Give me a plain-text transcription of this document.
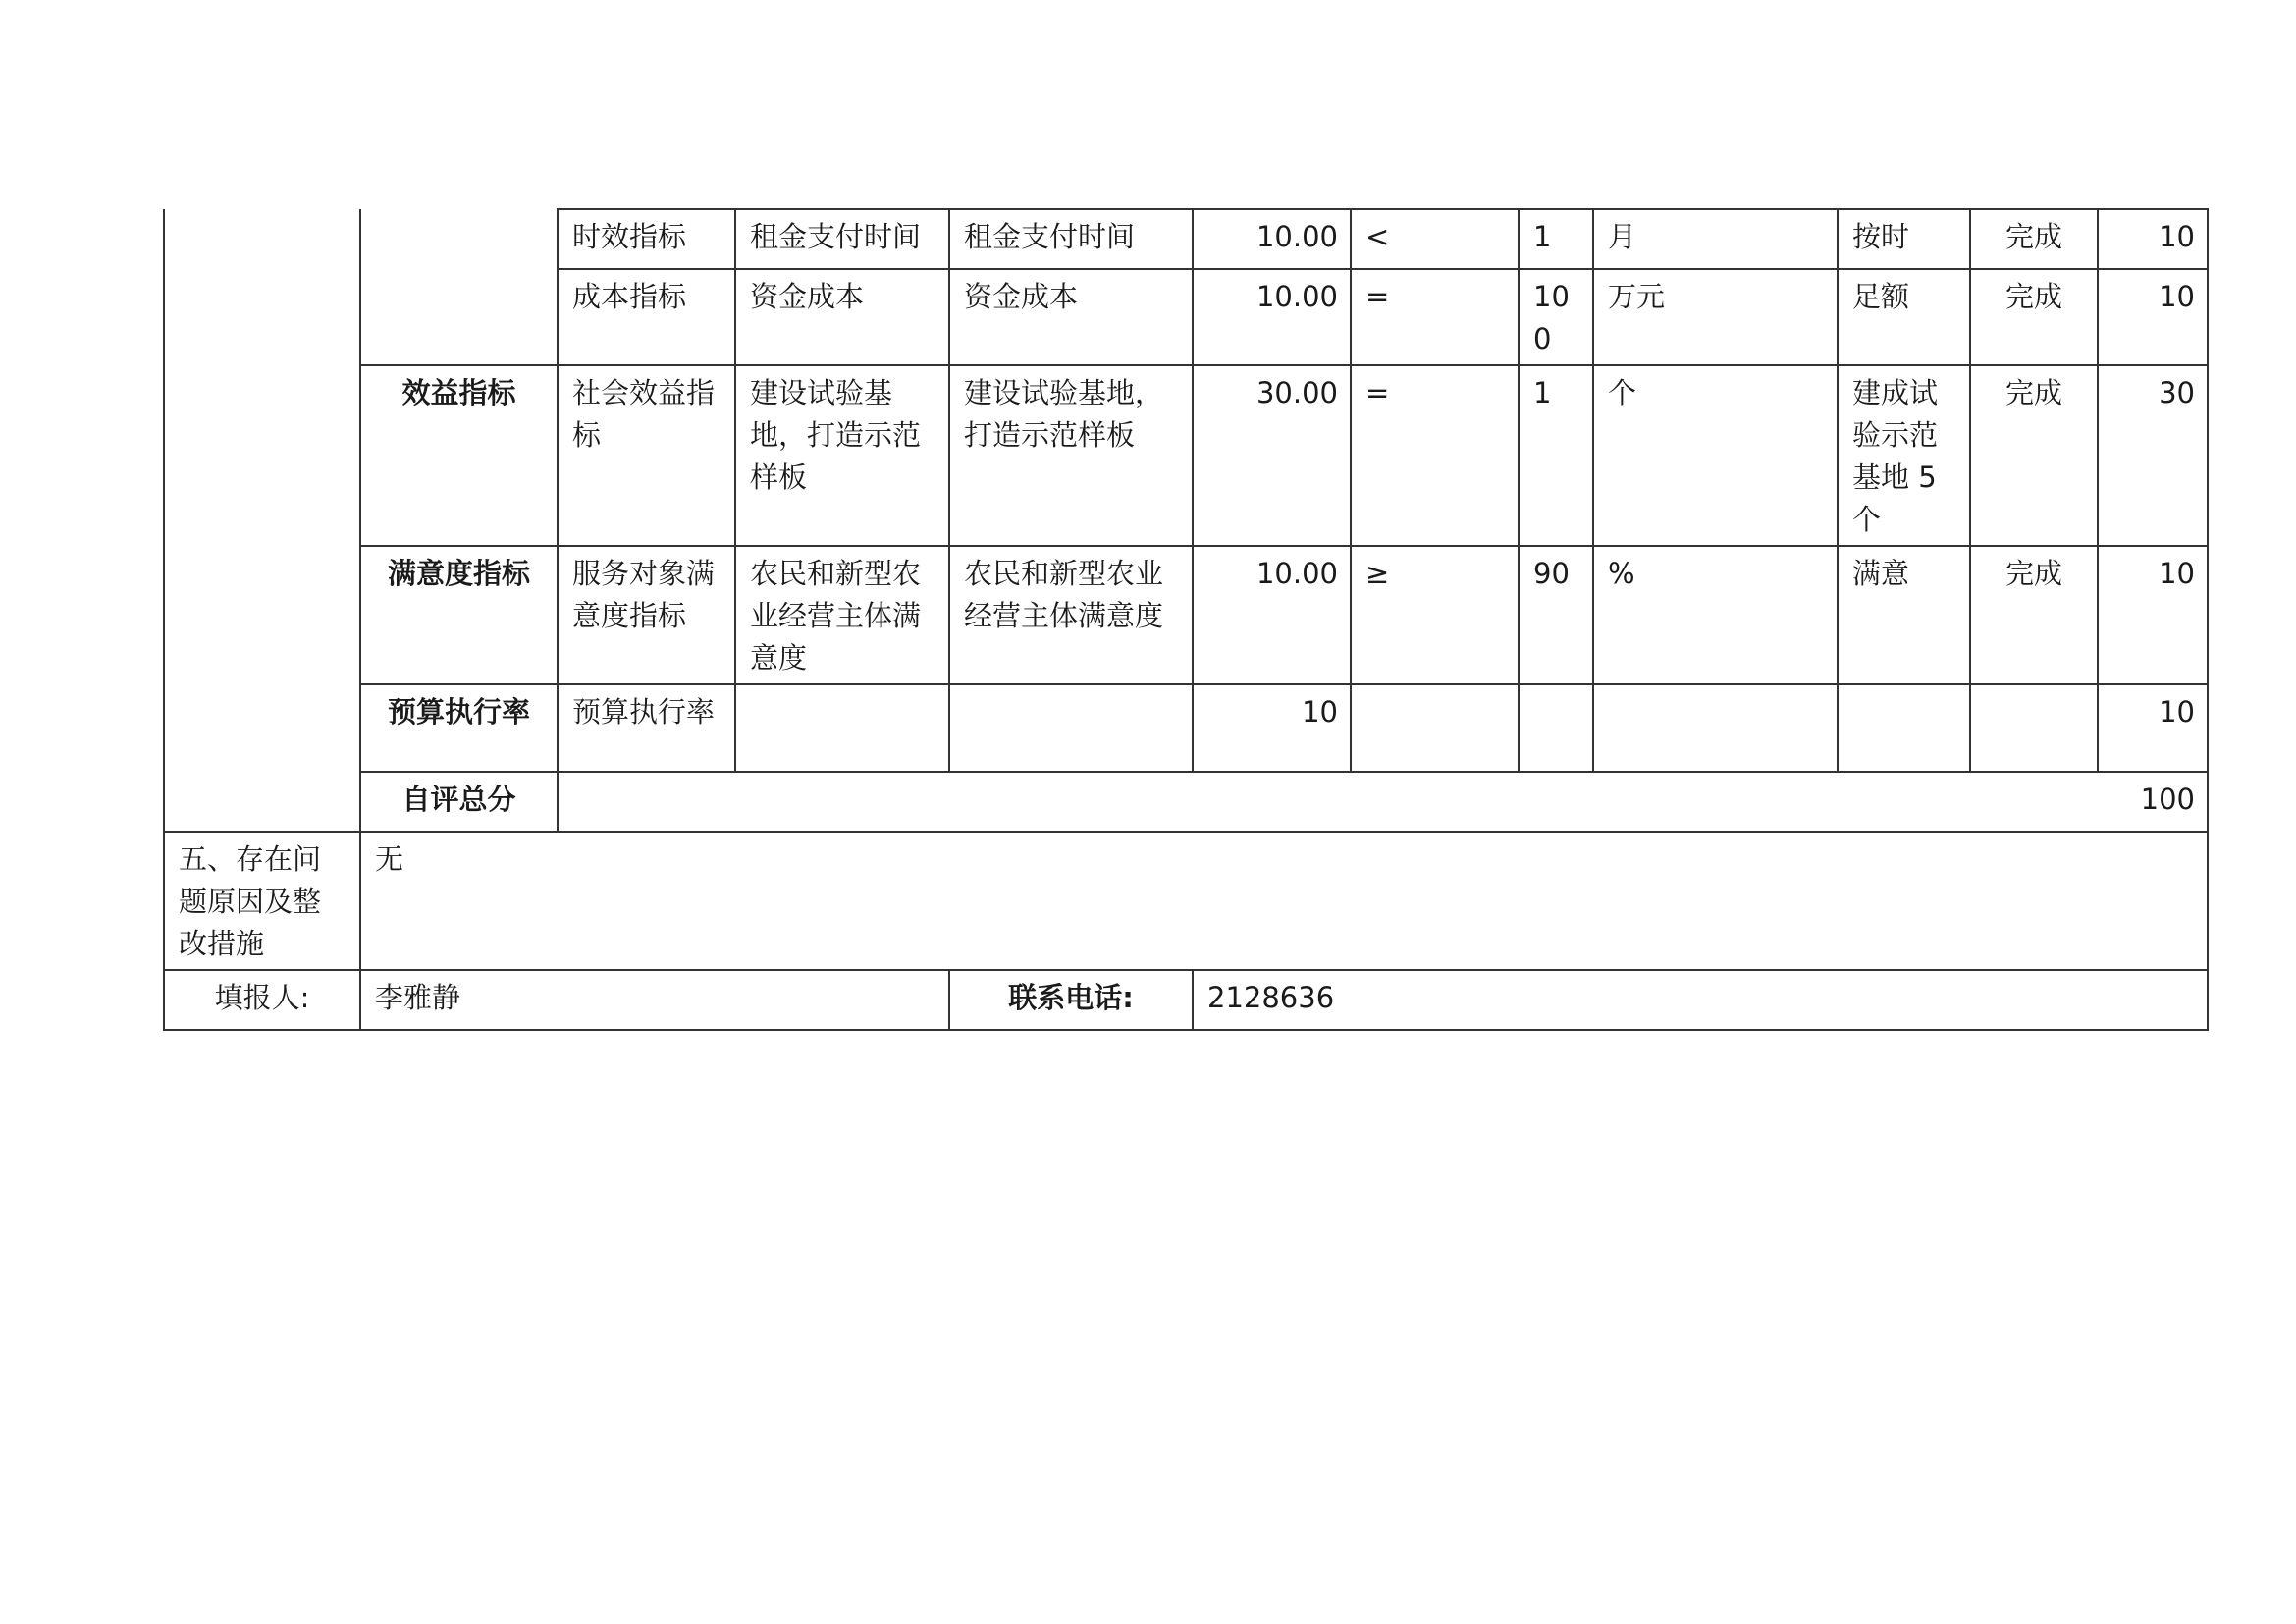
		时效指标	租金支付时间	租金支付时间	10.00	<	1	月	按时	完成	10
		成本指标	资金成本	资金成本	10.00	=	100	万元	足额	完成	10
	效益指标	社会效益指标	建设试验基地，打造示范样板	建设试验基地，打造示范样板	30.00	=	1	个	建成试验示范基地 5 个	完成	30
	满意度指标	服务对象满意度指标	农民和新型农业经营主体满意度	农民和新型农业经营主体满意度	10.00	≥	90	%	满意	完成	10
	预算执行率	预算执行率			10						10
	自评总分	100									
五、存在问题原因及整改措施	无										
填报人:	李雅静			联系电话:	2128636						
